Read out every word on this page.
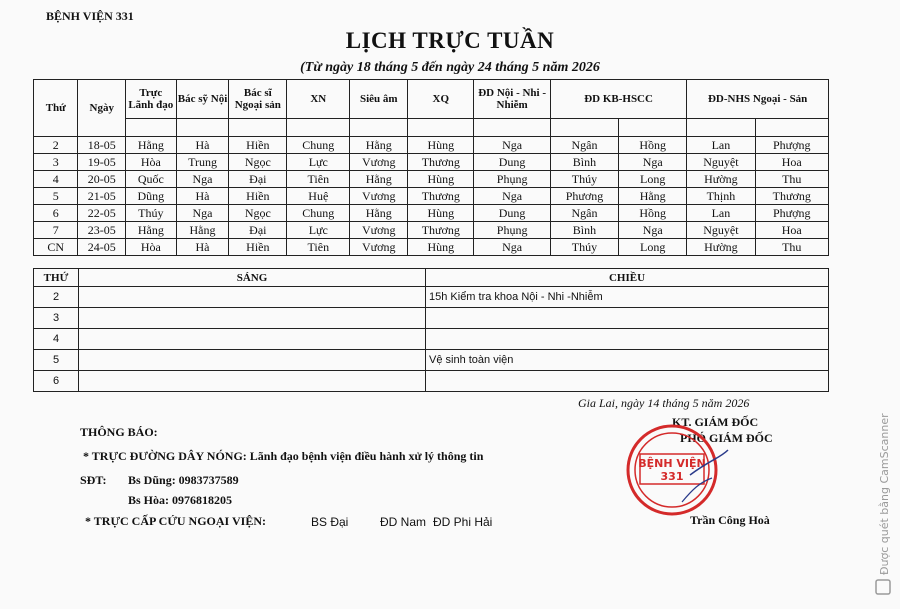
BỆNH VIỆN 331
LỊCH TRỰC TUẦN
(Từ ngày 18 tháng 5 đến ngày 24 tháng 5 năm 2026
Thứ	Ngày	Trực Lãnh đạo	Bác sỹ Nội	Bác sĩ Ngoại sản	XN	Siêu âm	XQ	ĐD Nội - Nhi - Nhiễm	ĐD KB-HSCC		ĐD-NHS Ngoại - Sản	

2	18-05	Hằng	Hà	Hiền	Chung	Hằng	Hùng	Nga	Ngân	Hồng	Lan	Phượng
3	19-05	Hòa	Trung	Ngọc	Lực	Vương	Thương	Dung	Bình	Nga	Nguyệt	Hoa
4	20-05	Quốc	Nga	Đại	Tiên	Hằng	Hùng	Phụng	Thúy	Long	Hường	Thu
5	21-05	Dũng	Hà	Hiền	Huệ	Vương	Thương	Nga	Phương	Hằng	Thịnh	Thương
6	22-05	Thúy	Nga	Ngọc	Chung	Hằng	Hùng	Dung	Ngân	Hồng	Lan	Phượng
7	23-05	Hằng	Hằng	Đại	Lực	Vương	Thương	Phụng	Bình	Nga	Nguyệt	Hoa
CN	24-05	Hòa	Hà	Hiền	Tiên	Vương	Hùng	Nga	Thúy	Long	Hường	Thu
THỨ	SÁNG	CHIỀU
2		15h Kiểm tra khoa Nội - Nhi -Nhiễm
3		
4		
5		Vệ sinh toàn viện
6		
Gia Lai, ngày 14 tháng 5 năm 2026
KT. GIÁM ĐỐC
PHÓ GIÁM ĐỐC
Trần Công Hoà
BỆNH VIỆN
331
THÔNG BÁO:
* TRỰC ĐƯỜNG DÂY NÓNG: Lãnh đạo bệnh viện điều hành xử lý thông tin
SĐT: Bs Dũng: 0983737589
Bs Hòa: 0976818205
* TRỰC CẤP CỨU NGOẠI VIỆN:	BS Đại	ĐD Nam ĐD Phi Hải	Được quét bằng CamScanner
